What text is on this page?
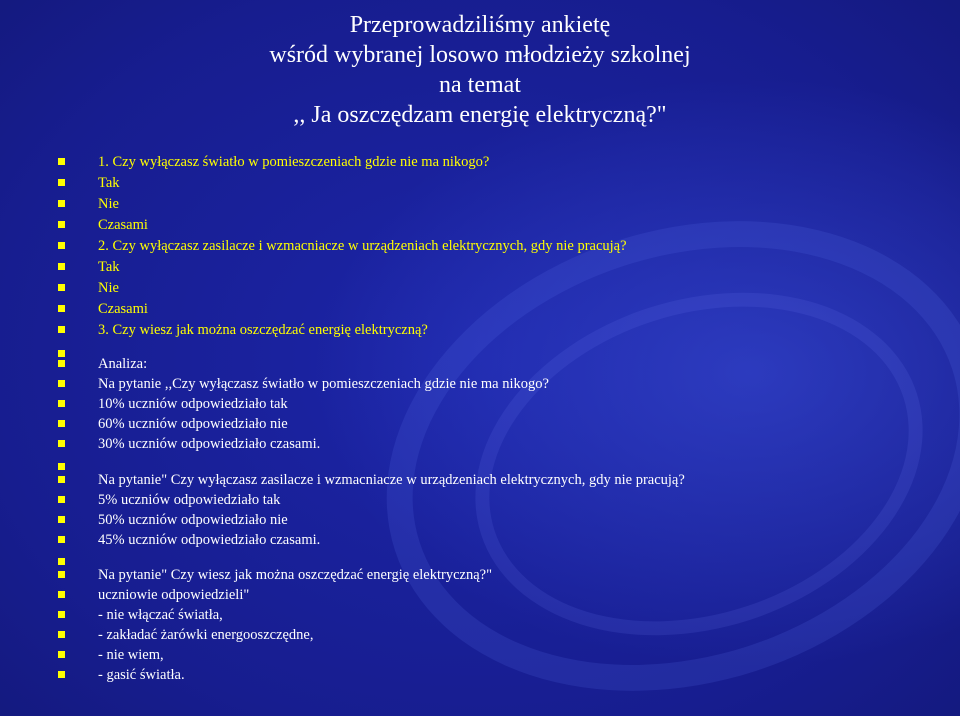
Przeprowadziliśmy ankietę
wśród wybranej losowo młodzieży szkolnej
na temat
,, Ja oszczędzam energię elektryczną?"
1. Czy wyłączasz światło w pomieszczeniach gdzie nie ma nikogo?
Tak
Nie
Czasami
2. Czy wyłączasz zasilacze i wzmacniacze w urządzeniach elektrycznych, gdy nie pracują?
Tak
Nie
Czasami
3. Czy wiesz jak można oszczędzać energię elektryczną?
Analiza:
Na pytanie ,,Czy wyłączasz światło w pomieszczeniach gdzie nie ma nikogo?
10% uczniów odpowiedziało tak
60% uczniów odpowiedziało nie
30% uczniów odpowiedziało czasami.
Na pytanie" Czy wyłączasz zasilacze i wzmacniacze w urządzeniach elektrycznych, gdy nie pracują?
5% uczniów odpowiedziało tak
50% uczniów odpowiedziało nie
45% uczniów odpowiedziało czasami.
Na pytanie" Czy wiesz jak można oszczędzać energię elektryczną?"
uczniowie odpowiedzieli"
- nie włączać światła,
- zakładać żarówki energooszczędne,
- nie wiem,
- gasić światła.
